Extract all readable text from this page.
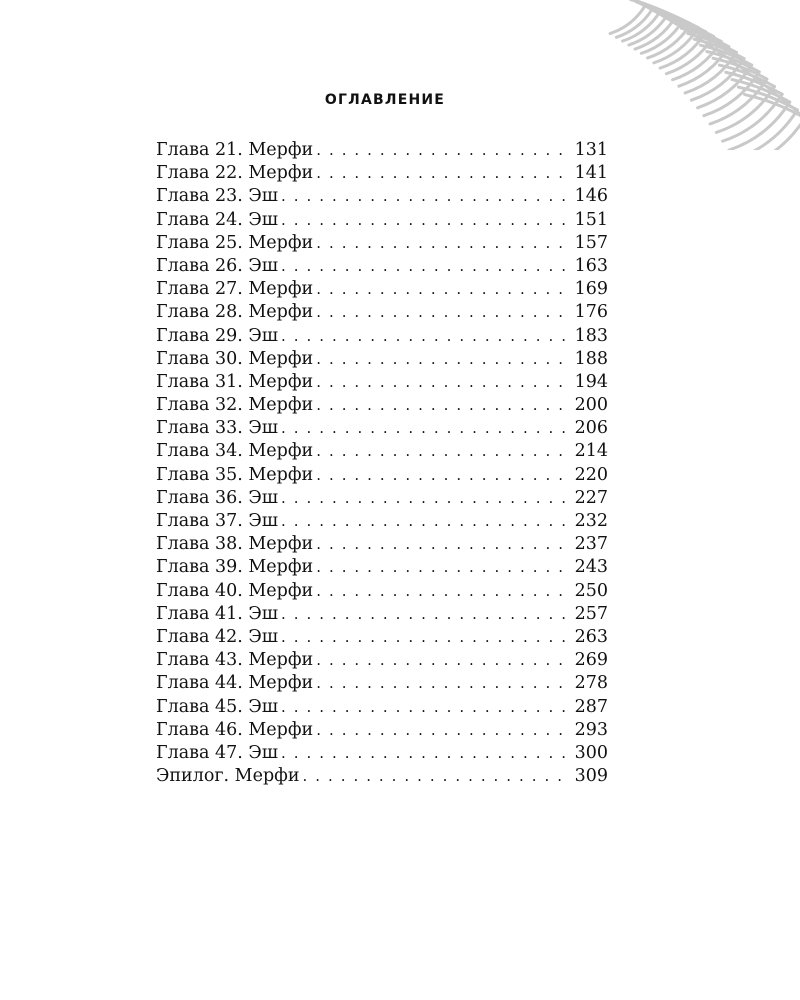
ОГЛАВЛЕНИЕ
Глава 21. Мерфи . . .	131
Глава 22. Мерфи . . .	141
Глава 23. Эш . . .	146
Глава 24. Эш . . .	151
Глава 25. Мерфи . . .	157
Глава 26. Эш . . .	163
Глава 27. Мерфи . . .	169
Глава 28. Мерфи . . .	176
Глава 29. Эш . . .	183
Глава 30. Мерфи . . .	188
Глава 31. Мерфи . . .	194
Глава 32. Мерфи . . .	200
Глава 33. Эш . . .	206
Глава 34. Мерфи . . .	214
Глава 35. Мерфи . . .	220
Глава 36. Эш . . .	227
Глава 37. Эш . . .	232
Глава 38. Мерфи . . .	237
Глава 39. Мерфи . . .	243
Глава 40. Мерфи . . .	250
Глава 41. Эш . . .	257
Глава 42. Эш . . .	263
Глава 43. Мерфи . . .	269
Глава 44. Мерфи . . .	278
Глава 45. Эш . . .	287
Глава 46. Мерфи . . .	293
Глава 47. Эш . . .	300
Эпилог. Мерфи . . .	309
